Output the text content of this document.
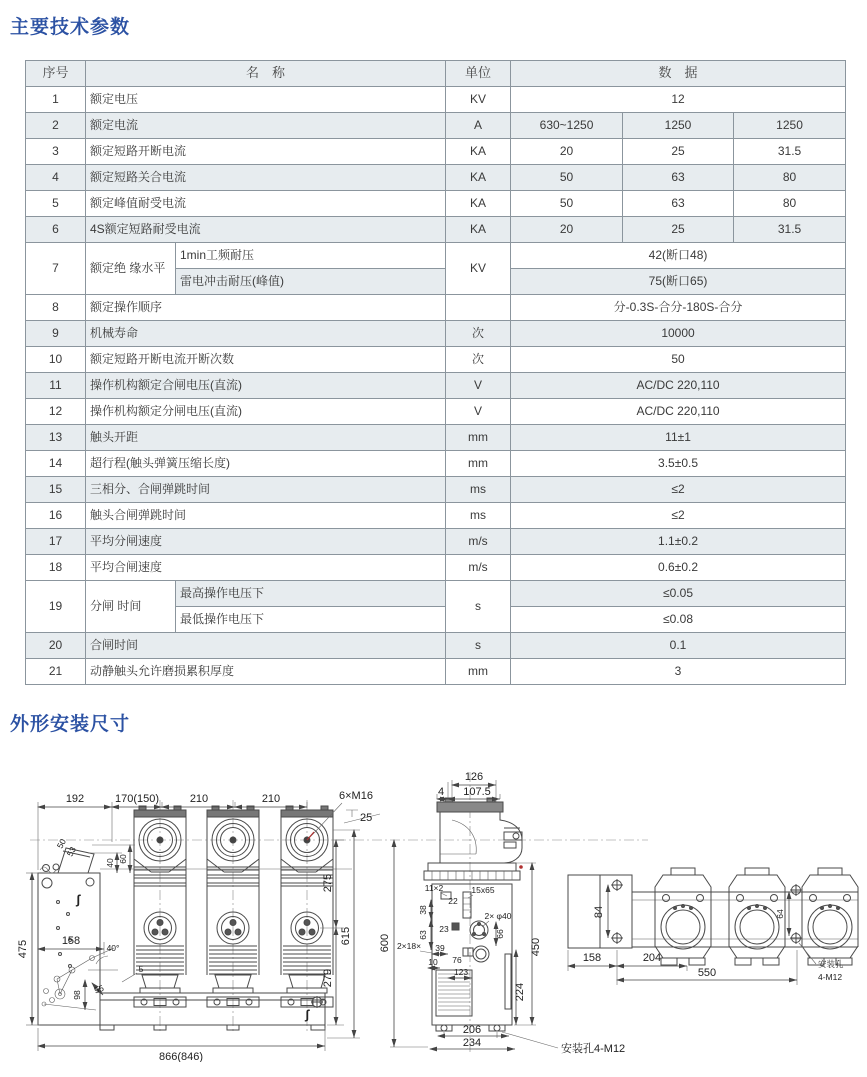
主要技术参数
序号	名　称		单位	数　据		
1	额定电压		KV	12		
2	额定电流		A	630~1250	1250	1250
3	额定短路开断电流		KA	20	25	31.5
4	额定短路关合电流		KA	50	63	80
5	额定峰值耐受电流		KA	50	63	80
6	4S额定短路耐受电流		KA	20	25	31.5
7	额定绝 缘水平	1min工频耐压	KV	42(断口48)		
		雷电冲击耐压(峰值)		75(断口65)		
8	额定操作顺序			分-0.3S-合分-180S-合分		
9	机械寿命		次	10000		
10	额定短路开断电流开断次数		次	50		
11	操作机构额定合闸电压(直流)		V	AC/DC 220,110		
12	操作机构额定分闸电压(直流)		V	AC/DC 220,110		
13	触头开距		mm	11±1		
14	超行程(触头弹簧压缩长度)		mm	3.5±0.5		
15	三相分、合闸弹跳时间		ms	≤2		
16	触头合闸弹跳时间		ms	≤2		
17	平均分闸速度		m/s	1.1±0.2		
18	平均合闸速度		m/s	0.6±0.2		
19	分闸 时间	最高操作电压下	s	≤0.05		
		最低操作电压下		≤0.08		
20	合闸时间		s	0.1		
21	动静触头允许磨损累积厚度		mm	3		
外形安装尺寸
ʃ
ʃ
192	170(150)	210	210	6×M16
25
50
53
40 60
475
275
279
615
866(846)
158
40°
5
55
98
126
4 107.5
600	66
450
224
11×2	15x65
22
38
63
23
2× φ40
2×18× 39
10 76
123
206
234	安装孔4-M12
84	64
158	204
550
安装孔
4-M12
